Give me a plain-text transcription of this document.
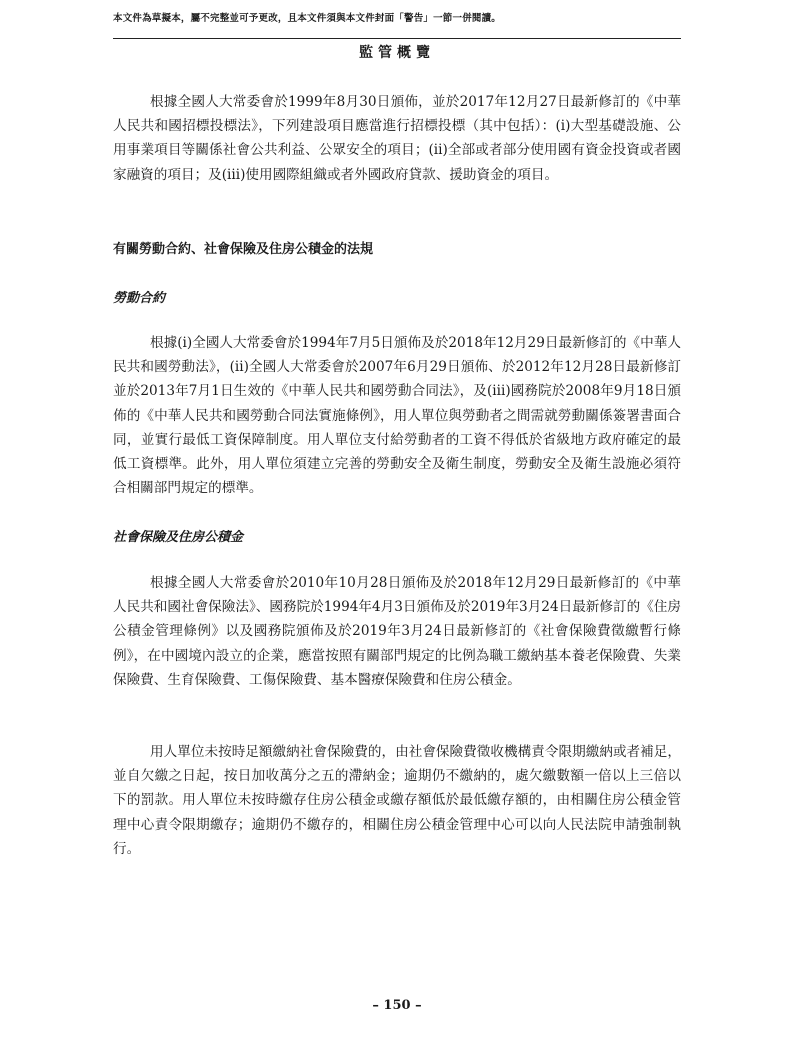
本文件為草擬本，屬不完整並可予更改，且本文件須與本文件封面「警告」一節一併閱讀。
監管概覽

根據全國人大常委會於1999年8月30日頒佈，並於2017年12月27日最新修訂的《中華人民共和國招標投標法》，下列建設項目應當進行招標投標（其中包括）：(i)大型基礎設施、公用事業項目等關係社會公共利益、公眾安全的項目；(ii)全部或者部分使用國有資金投資或者國家融資的項目；及(iii)使用國際組織或者外國政府貸款、援助資金的項目。

有關勞動合約、社會保險及住房公積金的法規
勞動合約

根據(i)全國人大常委會於1994年7月5日頒佈及於2018年12月29日最新修訂的《中華人民共和國勞動法》，(ii)全國人大常委會於2007年6月29日頒佈、於2012年12月28日最新修訂並於2013年7月1日生效的《中華人民共和國勞動合同法》，及(iii)國務院於2008年9月18日頒佈的《中華人民共和國勞動合同法實施條例》，用人單位與勞動者之間需就勞動關係簽署書面合同，並實行最低工資保障制度。用人單位支付給勞動者的工資不得低於省級地方政府確定的最低工資標準。此外，用人單位須建立完善的勞動安全及衛生制度，勞動安全及衛生設施必須符合相關部門規定的標準。

社會保險及住房公積金

根據全國人大常委會於2010年10月28日頒佈及於2018年12月29日最新修訂的《中華人民共和國社會保險法》、國務院於1994年4月3日頒佈及於2019年3月24日最新修訂的《住房公積金管理條例》以及國務院頒佈及於2019年3月24日最新修訂的《社會保險費徵繳暫行條例》，在中國境內設立的企業，應當按照有關部門規定的比例為職工繳納基本養老保險費、失業保險費、生育保險費、工傷保險費、基本醫療保險費和住房公積金。

用人單位未按時足額繳納社會保險費的，由社會保險費徵收機構責令限期繳納或者補足，並自欠繳之日起，按日加收萬分之五的滯納金；逾期仍不繳納的，處欠繳數額一倍以上三倍以下的罰款。用人單位未按時繳存住房公積金或繳存額低於最低繳存額的，由相關住房公積金管理中心責令限期繳存；逾期仍不繳存的，相關住房公積金管理中心可以向人民法院申請強制執行。

– 150 –
